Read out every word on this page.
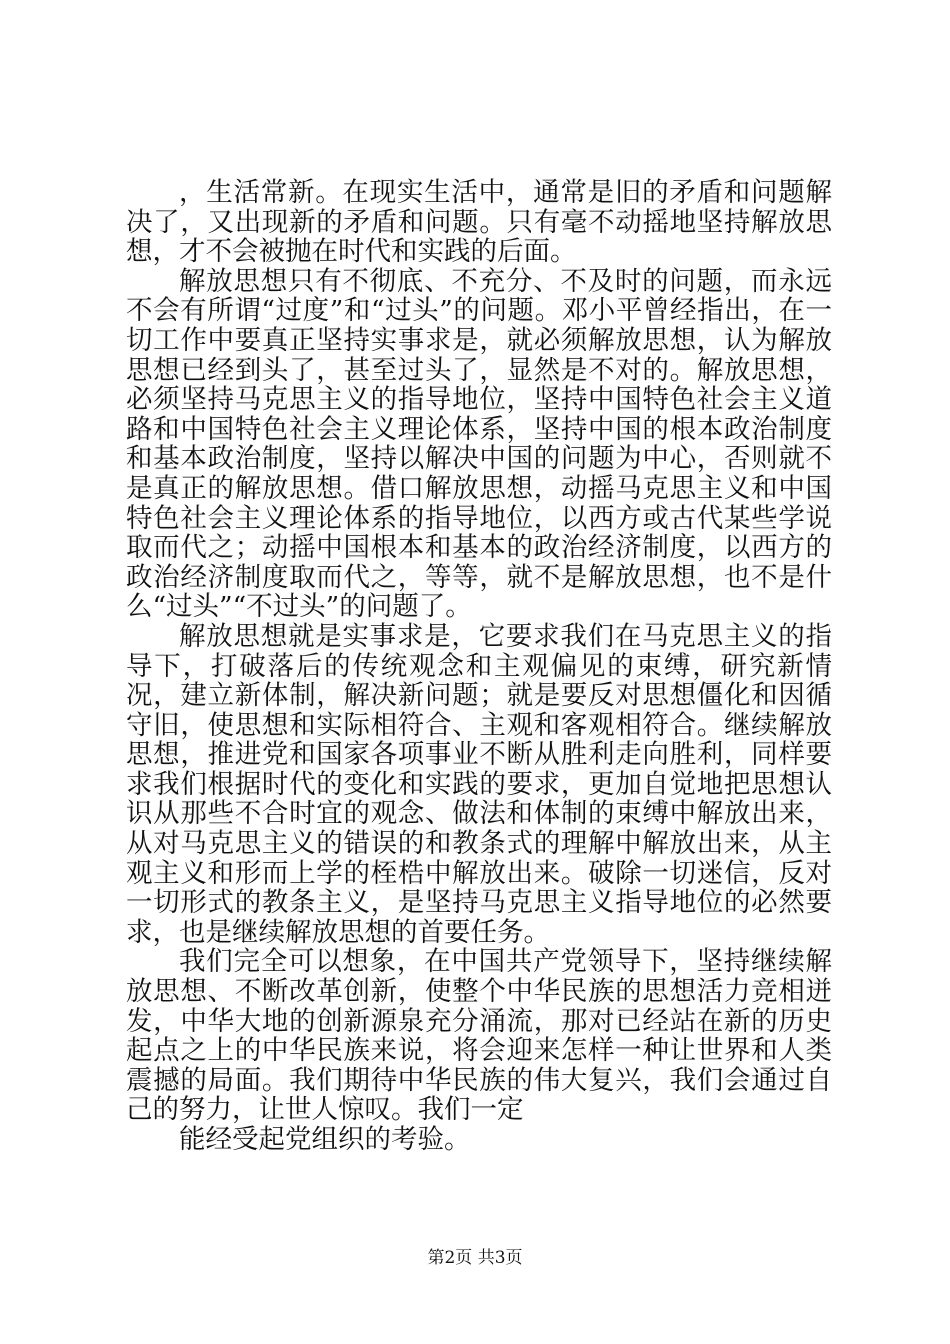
，生活常新。在现实生活中，通常是旧的矛盾和问题解决了，又出现新的矛盾和问题。只有毫不动摇地坚持解放思想，才不会被抛在时代和实践的后面。

解放思想只有不彻底、不充分、不及时的问题，而永远不会有所谓“过度”和“过头”的问题。邓小平曾经指出，在一切工作中要真正坚持实事求是，就必须解放思想，认为解放思想已经到头了，甚至过头了，显然是不对的。解放思想，必须坚持马克思主义的指导地位，坚持中国特色社会主义道路和中国特色社会主义理论体系，坚持中国的根本政治制度和基本政治制度，坚持以解决中国的问题为中心，否则就不是真正的解放思想。借口解放思想，动摇马克思主义和中国特色社会主义理论体系的指导地位，以西方或古代某些学说取而代之；动摇中国根本和基本的政治经济制度，以西方的政治经济制度取而代之，等等，就不是解放思想，也不是什么“过头”“不过头”的问题了。

解放思想就是实事求是，它要求我们在马克思主义的指导下，打破落后的传统观念和主观偏见的束缚，研究新情况，建立新体制，解决新问题；就是要反对思想僵化和因循守旧，使思想和实际相符合、主观和客观相符合。继续解放思想，推进党和国家各项事业不断从胜利走向胜利，同样要求我们根据时代的变化和实践的要求，更加自觉地把思想认识从那些不合时宜的观念、做法和体制的束缚中解放出来，从对马克思主义的错误的和教条式的理解中解放出来，从主观主义和形而上学的桎梏中解放出来。破除一切迷信，反对一切形式的教条主义，是坚持马克思主义指导地位的必然要求，也是继续解放思想的首要任务。

我们完全可以想象，在中国共产党领导下，坚持继续解放思想、不断改革创新，使整个中华民族的思想活力竞相迸发，中华大地的创新源泉充分涌流，那对已经站在新的历史起点之上的中华民族来说，将会迎来怎样一种让世界和人类震撼的局面。我们期待中华民族的伟大复兴，我们会通过自己的努力，让世人惊叹。我们一定

能经受起党组织的考验。

第2页 共3页
